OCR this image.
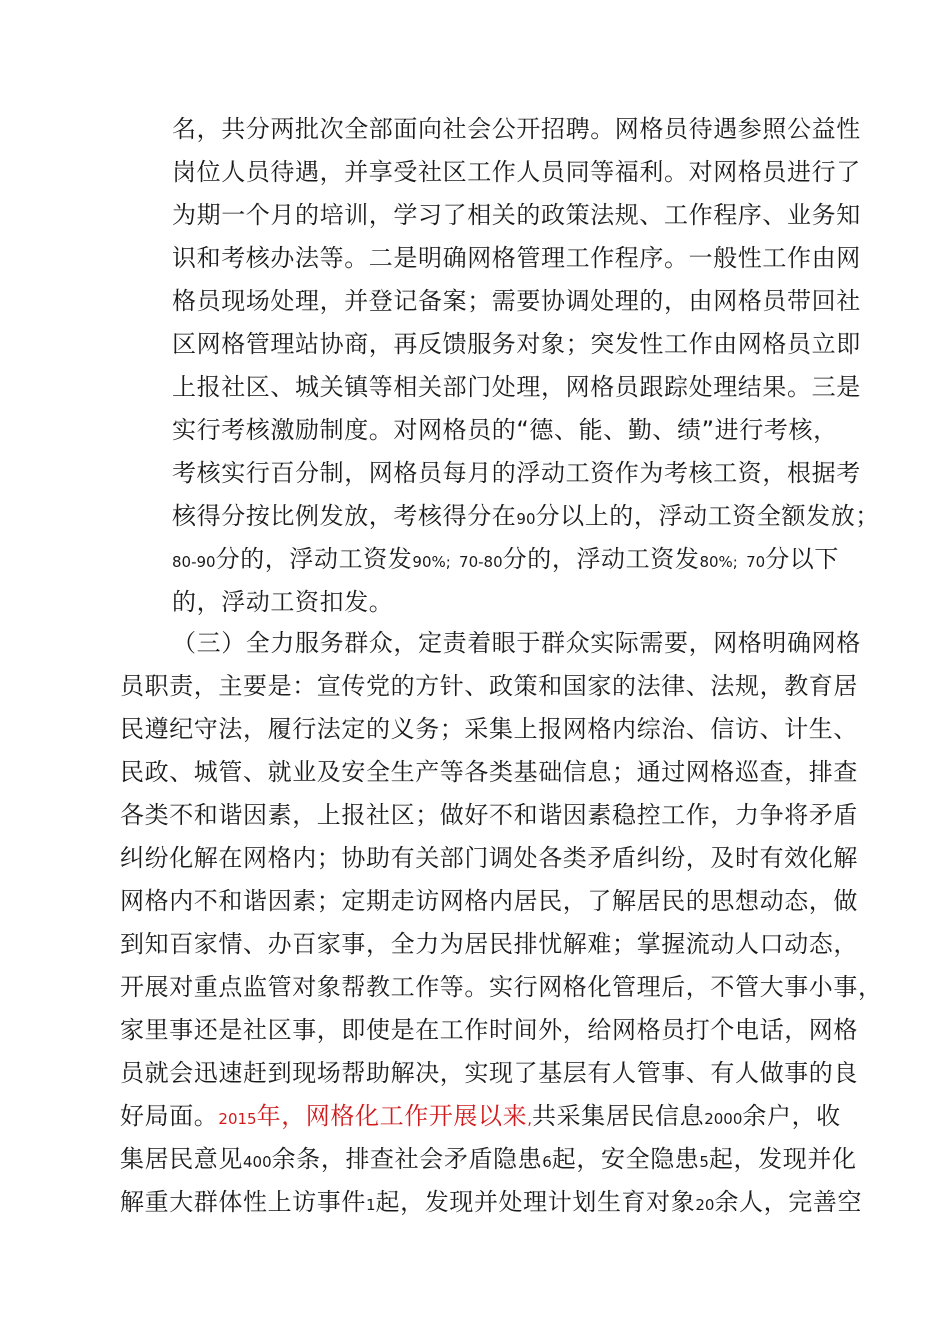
名，共分两批次全部面向社会公开招聘。网格员待遇参照公益性
岗位人员待遇，并享受社区工作人员同等福利。对网格员进行了
为期一个月的培训，学习了相关的政策法规、工作程序、业务知
识和考核办法等。二是明确网格管理工作程序。一般性工作由网
格员现场处理，并登记备案；需要协调处理的，由网格员带回社
区网格管理站协商，再反馈服务对象；突发性工作由网格员立即
上报社区、城关镇等相关部门处理，网格员跟踪处理结果。三是
实行考核激励制度。对网格员的“德、能、勤、绩”进行考核，
考核实行百分制，网格员每月的浮动工资作为考核工资，根据考
核得分按比例发放，考核得分在90分以上的，浮动工资全额发放；
80-90分的，浮动工资发90%; 70-80分的，浮动工资发80%; 70分以下
的，浮动工资扣发。
（三）全力服务群众，定责着眼于群众实际需要，网格明确网格
员职责，主要是：宣传党的方针、政策和国家的法律、法规，教育居
民遵纪守法，履行法定的义务；采集上报网格内综治、信访、计生、
民政、城管、就业及安全生产等各类基础信息；通过网格巡查，排查
各类不和谐因素，上报社区；做好不和谐因素稳控工作，力争将矛盾
纠纷化解在网格内；协助有关部门调处各类矛盾纠纷，及时有效化解
网格内不和谐因素；定期走访网格内居民，了解居民的思想动态，做
到知百家情、办百家事，全力为居民排忧解难；掌握流动人口动态，
开展对重点监管对象帮教工作等。实行网格化管理后，不管大事小事，
家里事还是社区事，即使是在工作时间外，给网格员打个电话，网格
员就会迅速赶到现场帮助解决，实现了基层有人管事、有人做事的良
好局面。2015年，网格化工作开展以来,共采集居民信息2000余户，收
集居民意见400余条，排查社会矛盾隐患6起，安全隐患5起，发现并化
解重大群体性上访事件1起，发现并处理计划生育对象20余人，完善空
